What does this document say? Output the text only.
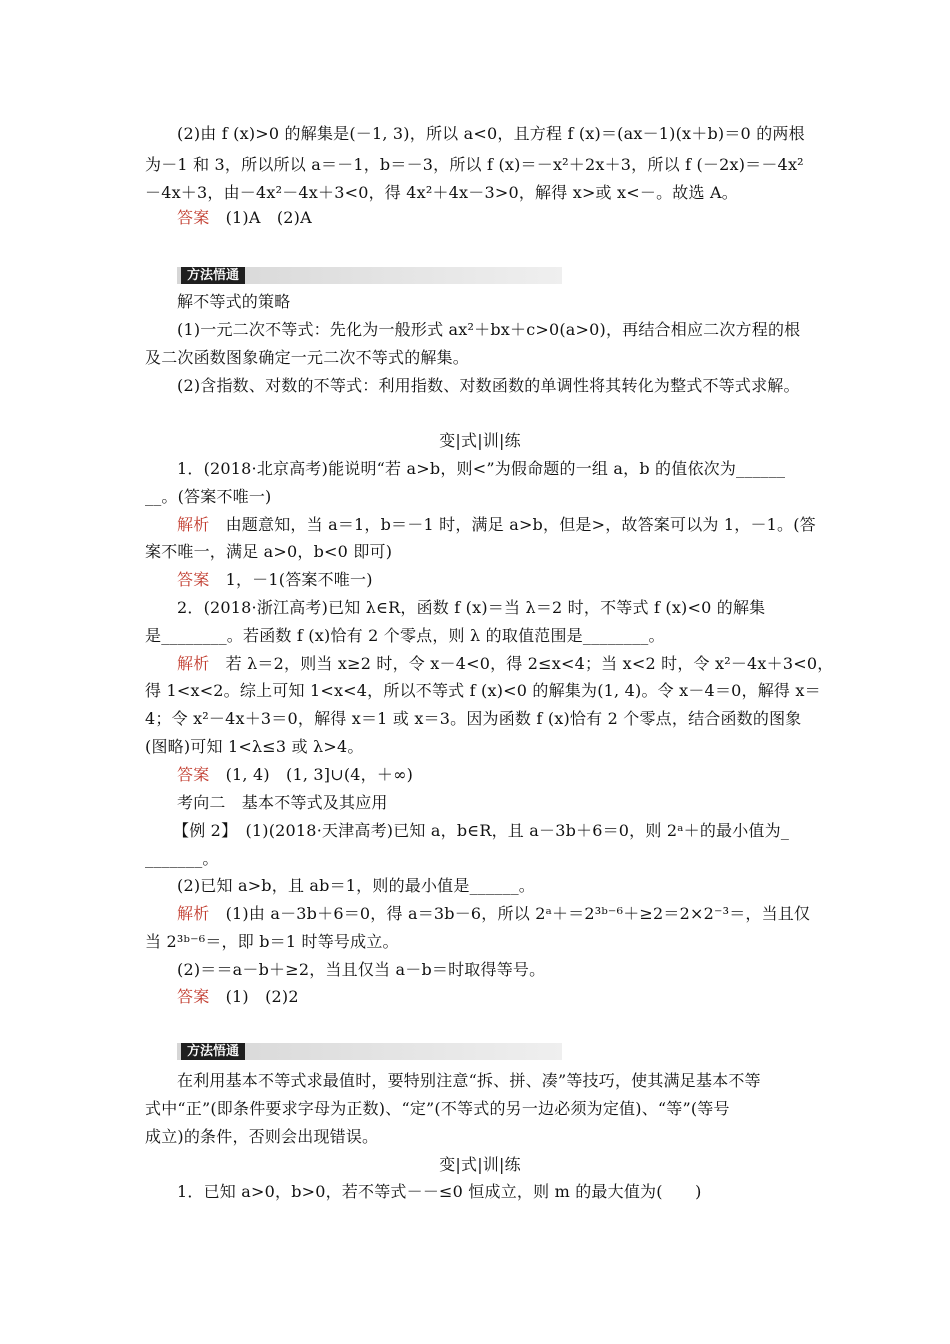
(2)由 f (x)>0 的解集是(－1, 3)，所以 a<0，且方程 f (x)＝(ax－1)(x＋b)＝0 的两根
为－1 和 3，所以所以 a＝－1，b＝－3，所以 f (x)＝－x²＋2x＋3，所以 f (－2x)＝－4x²
－4x＋3，由－4x²－4x＋3<0，得 4x²＋4x－3>0，解得 x>或 x<－。故选 A。
答案　(1)A　(2)A
方法悟通
解不等式的策略
(1)一元二次不等式：先化为一般形式 ax²＋bx＋c>0(a>0)，再结合相应二次方程的根
及二次函数图象确定一元二次不等式的解集。
(2)含指数、对数的不等式：利用指数、对数函数的单调性将其转化为整式不等式求解。
变|式|训|练
1．(2018·北京高考)能说明“若 a>b，则<”为假命题的一组 a，b 的值依次为______
__。(答案不唯一)
解析　由题意知，当 a＝1，b＝－1 时，满足 a>b，但是>，故答案可以为 1，－1。(答
案不唯一，满足 a>0，b<0 即可)
答案　1，－1(答案不唯一)
2．(2018·浙江高考)已知 λ∈R，函数 f (x)＝当 λ＝2 时，不等式 f (x)<0 的解集
是________。若函数 f (x)恰有 2 个零点，则 λ 的取值范围是________。
解析　若 λ＝2，则当 x≥2 时，令 x－4<0，得 2≤x<4；当 x<2 时，令 x²－4x＋3<0，
得 1<x<2。综上可知 1<x<4，所以不等式 f (x)<0 的解集为(1, 4)。令 x－4＝0，解得 x＝
4；令 x²－4x＋3＝0，解得 x＝1 或 x＝3。因为函数 f (x)恰有 2 个零点，结合函数的图象
(图略)可知 1<λ≤3 或 λ>4。
答案　(1, 4)　(1, 3]∪(4，＋∞)
考向二　基本不等式及其应用
【例 2】　(1)(2018·天津高考)已知 a，b∈R，且 a－3b＋6＝0，则 2ᵃ＋的最小值为_
_______。
(2)已知 a>b，且 ab＝1，则的最小值是______。
解析　(1)由 a－3b＋6＝0，得 a＝3b－6，所以 2ᵃ＋＝2³ᵇ⁻⁶＋≥2＝2×2⁻³＝，当且仅
当 2³ᵇ⁻⁶＝，即 b＝1 时等号成立。
(2)＝＝a－b＋≥2，当且仅当 a－b＝时取得等号。
答案　(1)　(2)2
方法悟通
在利用基本不等式求最值时，要特别注意“拆、拼、凑”等技巧，使其满足基本不等
式中“正”(即条件要求字母为正数)、“定”(不等式的另一边必须为定值)、“等”(等号
成立)的条件，否则会出现错误。
变|式|训|练
1．已知 a>0，b>0，若不等式－－≤0 恒成立，则 m 的最大值为(　　)
